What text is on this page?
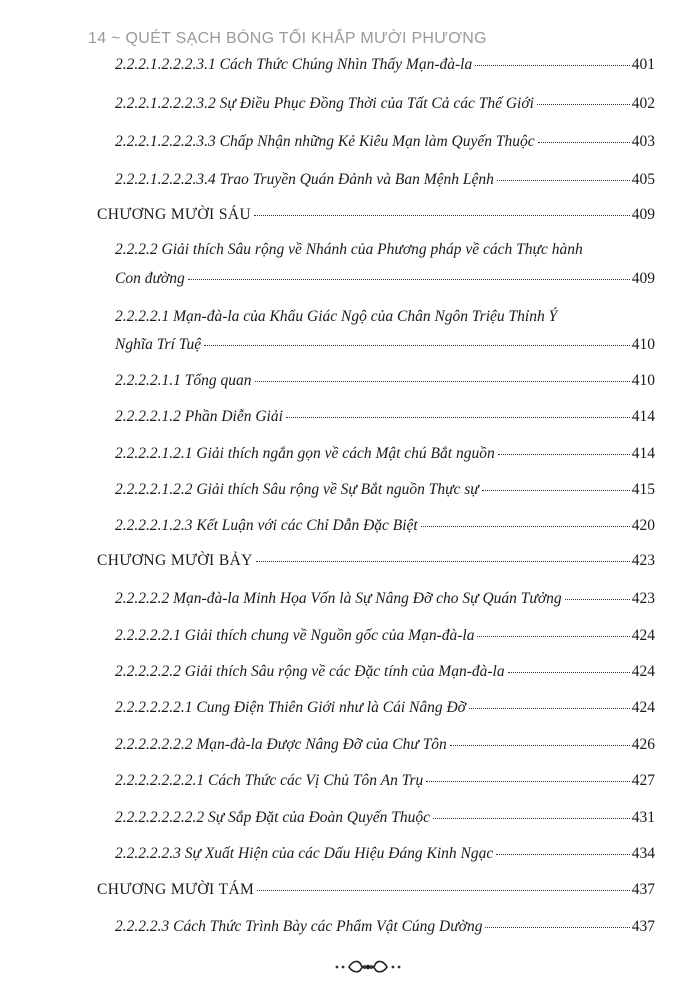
14 ~ QUÉT SẠCH BÓNG TỐI KHẮP MƯỜI PHƯƠNG
2.2.2.1.2.2.2.3.1 Cách Thức Chúng Nhìn Thấy Mạn-đà-la	401
2.2.2.1.2.2.2.3.2 Sự Điều Phục Đồng Thời của Tất Cả các Thế Giới	402
2.2.2.1.2.2.2.3.3 Chấp Nhận những Kẻ Kiêu Mạn làm Quyến Thuộc	403
2.2.2.1.2.2.2.3.4 Trao Truyền Quán Đảnh và Ban Mệnh Lệnh	405
CHƯƠNG MƯỜI SÁU	409
2.2.2.2 Giải thích Sâu rộng về Nhánh của Phương pháp về cách Thực hành
Con đường	409
2.2.2.2.1 Mạn-đà-la của Khẩu Giác Ngộ của Chân Ngôn Triệu Thỉnh Ý
Nghĩa Trí Tuệ	410
2.2.2.2.1.1 Tổng quan	410
2.2.2.2.1.2 Phần Diễn Giải	414
2.2.2.2.1.2.1 Giải thích ngắn gọn về cách Mật chú Bắt nguồn	414
2.2.2.2.1.2.2 Giải thích Sâu rộng về Sự Bắt nguồn Thực sự	415
2.2.2.2.1.2.3 Kết Luận với các Chỉ Dẫn Đặc Biệt	420
CHƯƠNG MƯỜI BẢY	423
2.2.2.2.2 Mạn-đà-la Minh Họa Vốn là Sự Nâng Đỡ cho Sự Quán Tưởng	423
2.2.2.2.2.1 Giải thích chung về Nguồn gốc của Mạn-đà-la	424
2.2.2.2.2.2 Giải thích Sâu rộng về các Đặc tính của Mạn-đà-la	424
2.2.2.2.2.2.1 Cung Điện Thiên Giới như là Cái Nâng Đỡ	424
2.2.2.2.2.2.2 Mạn-đà-la Được Nâng Đỡ của Chư Tôn	426
2.2.2.2.2.2.2.1 Cách Thức các Vị Chủ Tôn An Trụ	427
2.2.2.2.2.2.2.2 Sự Sắp Đặt của Đoàn Quyến Thuộc	431
2.2.2.2.2.3 Sự Xuất Hiện của các Dấu Hiệu Đáng Kinh Ngạc	434
CHƯƠNG MƯỜI TÁM	437
2.2.2.2.3 Cách Thức Trình Bày các Phẩm Vật Cúng Dường	437
